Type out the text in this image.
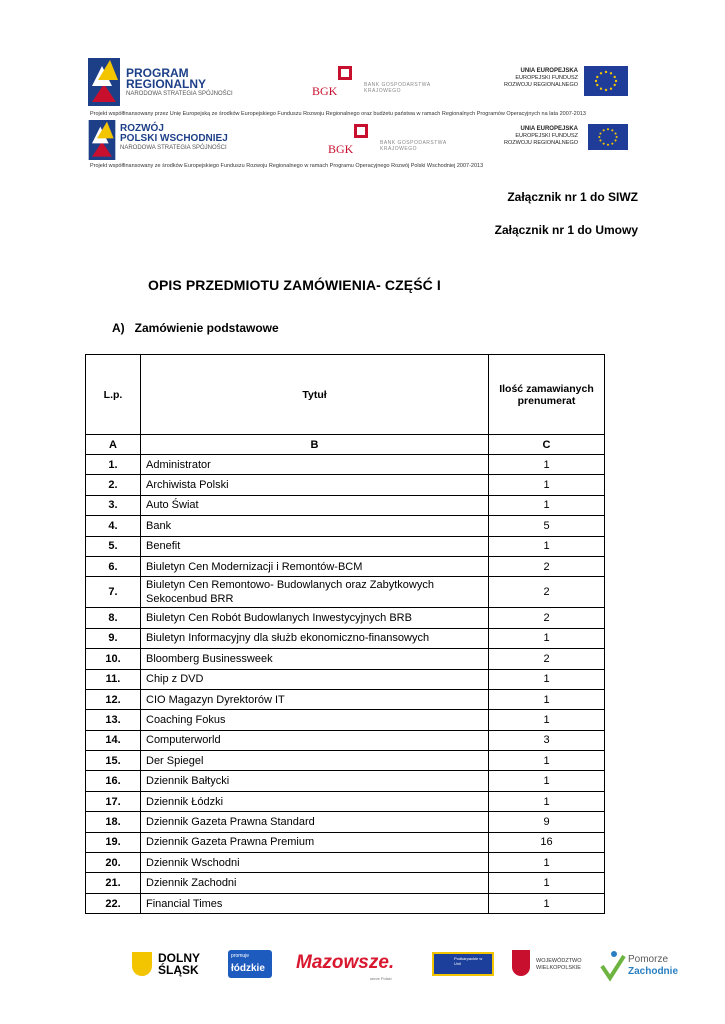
PROGRAM
REGIONALNY
NARODOWA STRATEGIA SPÓJNOŚCI	BGK	BANK GOSPODARSTWA KRAJOWEGO
UNIA EUROPEJSKA
EUROPEJSKI FUNDUSZ
ROZWOJU REGIONALNEGO
Projekt współfinansowany przez Unię Europejską ze środków Europejskiego Funduszu Rozwoju Regionalnego oraz budżetu państwa w ramach Regionalnych Programów Operacyjnych na lata 2007-2013
ROZWÓJ
POLSKI WSCHODNIEJ
NARODOWA STRATEGIA SPÓJNOŚCI	BGK	BANK GOSPODARSTWA KRAJOWEGO
UNIA EUROPEJSKA
EUROPEJSKI FUNDUSZ
ROZWOJU REGIONALNEGO
Projekt współfinansowany ze środków Europejskiego Funduszu Rozwoju Regionalnego w ramach Programu Operacyjnego Rozwój Polski Wschodniej 2007-2013
Załącznik nr 1 do SIWZ
Załącznik nr 1 do Umowy
OPIS PRZEDMIOTU ZAMÓWIENIA- CZĘŚĆ I
A)   Zamówienie podstawowe
L.p.	Tytuł	Ilość zamawianych
prenumerat
A	B	C
1.	Administrator	1
2.	Archiwista Polski	1
3.	Auto Świat	1
4.	Bank	5
5.	Benefit	1
6.	Biuletyn Cen Modernizacji i Remontów-BCM	2
7.	Biuletyn Cen Remontowo- Budowlanych oraz Zabytkowych Sekocenbud BRR	2
8.	Biuletyn Cen Robót Budowlanych Inwestycyjnych BRB	2
9.	Biuletyn Informacyjny dla służb ekonomiczno-finansowych	1
10.	Bloomberg Businessweek	2
11.	Chip z DVD	1
12.	CIO Magazyn Dyrektorów IT	1
13.	Coaching Fokus	1
14.	Computerworld	3
15.	Der Spiegel	1
16.	Dziennik Bałtycki	1
17.	Dziennik Łódzki	1
18.	Dziennik Gazeta Prawna Standard	9
19.	Dziennik Gazeta Prawna Premium	16
20.	Dziennik Wschodni	1
21.	Dziennik Zachodni	1
22.	Financial Times	1
DOLNY
ŚLĄSK
promuje
łódzkie Mazowsze.
serce Polski
Podkarpackie w Unii	WOJEWÓDZTWO
WIELKOPOLSKIE
Pomorze
Zachodnie
